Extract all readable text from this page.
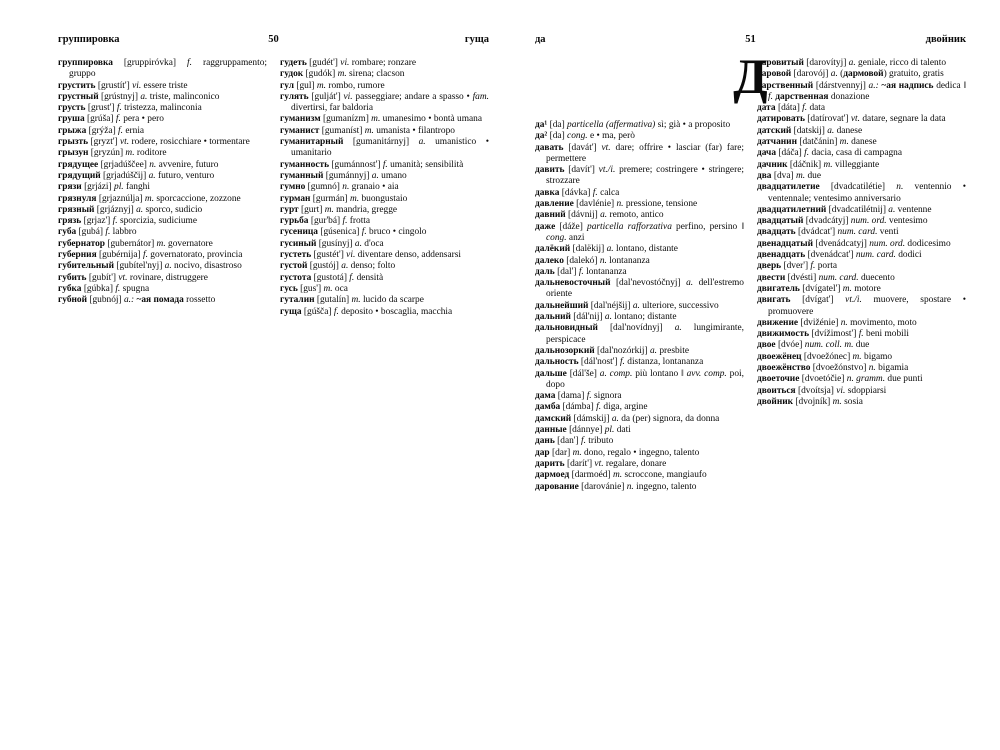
группировка	50	гуща
группировка [gruppiróvka] f. raggruppamento; gruppo
грустить [grustít'] vi. essere triste
грустный [grústnyj] a. triste, malinconico
грусть [grust'] f. tristezza, malinconia
груша [grúša] f. pera • pero
грыжа [grýža] f. ernia
грызть [gryzt'] vt. rodere, rosicchiare • tormentare
грызун [gryzún] m. roditore
грядущее [grjadúščee] n. avvenire, futuro
грядущий [grjadúščij] a. futuro, venturo
грязи [grjázi] pl. fanghi
грязнуля [grjaznúlja] m. sporcaccione, zozzone
грязный [grjáznyj] a. sporco, sudicio
грязь [grjaz'] f. sporcizia, sudiciume
губа [gubá] f. labbro
губернатор [gubernátor] m. governatore
губерния [gubérnija] f. governatorato, provincia
губительный [gubítel'nyj] a. nocivo, disastroso
губить [gubít'] vt. rovinare, distruggere
губка [gúbka] f. spugna
губной [gubnój] a.: ~ая помада rossetto
гудеть [gudét'] vi. rombare; ronzare
гудок [gudók] m. sirena; clacson
гул [gul] m. rombo, rumore
гулять [gulját'] vi. passeggiare; andare a spasso • fam. divertirsi, far baldoria
гуманизм [gumanízm] m. umanesimo • bontà umana
гуманист [gumaníst] m. umanista • filantropo
гуманитарный [gumanitárnyj] a. umanistico • umanitario
гуманность [gumánnost'] f. umanità; sensibilità
гуманный [gumánnyj] a. umano
гумно [gumnó] n. granaio • aia
гурман [gurmán] m. buongustaio
гурт [gurt] m. mandria, gregge
гурьба [gur'bá] f. frotta
гусеница [gúsenica] f. bruco • cingolo
гусиный [gusínyj] a. d'oca
густеть [gustét'] vi. diventare denso, addensarsi
густой [gustój] a. denso; folto
густота [gustotá] f. densità
гусь [gus'] m. oca
гуталин [gutalín] m. lucido da scarpe
гуща [gúšča] f. deposito • boscaglia, macchia
да	51	двойник
Д
да¹ [da] particella (affermativa) sì; già • a proposito
да² [da] cong. e • ma, però
давать [davát'] vt. dare; offrire • lasciar (far) fare; permettere
давить [davít'] vt./i. premere; costringere • stringere; strozzare
давка [dávka] f. calca
давление [davlénie] n. pressione, tensione
давний [dávnij] a. remoto, antico
даже [dáže] particella rafforzativa perfino, persino ‖ cong. anzi
далёкий [dalëkij] a. lontano, distante
далеко [dalekó] n. lontananza
даль [dal'] f. lontananza
дальневосточный [dal'nevostóčnyj] a. dell'estremo oriente
дальнейший [dal'néjšij] a. ulteriore, successivo
дальний [dál'nij] a. lontano; distante
дальновидный [dal'novídnyj] a. lungimirante, perspicace
дальнозоркий [dal'nozórkij] a. presbite
дальность [dál'nost'] f. distanza, lontananza
дальше [dál'še] a. comp. più lontano ‖ avv. comp. poi, dopo
дама [dama] f. signora
дамба [dámba] f. diga, argine
дамский [dámskij] a. da (per) signora, da donna
данные [dánnye] pl. dati
дань [dan'] f. tributo
дар [dar] m. dono, regalo • ingegno, talento
дарить [darít'] vt. regalare, donare
дармоед [darmoéd] m. scroccone, mangiaufo
дарование [darovánie] n. ingegno, talento
даровитый [darovítyj] a. geniale, ricco di talento
даровой [darovój] a. (дармовой) gratuito, gratis
дарственный [dárstvennyj] a.: ~ая надпись dedica ‖ f. дарственная donazione
дата [dáta] f. data
датировать [datírovat'] vt. datare, segnare la data
датский [datskij] a. danese
датчанин [datčánin] m. danese
дача [dáča] f. dacia, casa di campagna
дачник [dáčnik] m. villeggiante
два [dva] m. due
двадцатилетие [dvadcatilétie] n. ventennio • ventennale; ventesimo anniversario
двадцатилетний [dvadcatilétnij] a. ventenne
двадцатый [dvadcátyj] num. ord. ventesimo
двадцать [dvádcat'] num. card. venti
двенадцатый [dvenádcatyj] num. ord. dodicesimo
двенадцать [dvenádcat'] num. card. dodici
дверь [dver'] f. porta
двести [dvésti] num. card. duecento
двигатель [dvígatel'] m. motore
двигать [dvígat'] vt./i. muovere, spostare • promuovere
движение [dvižénie] n. movimento, moto
движимость [dvížimost'] f. beni mobili
двое [dvóe] num. coll. m. due
двоежёнец [dvoežónec] m. bigamo
двоежёнство [dvoežónstvo] n. bigamia
двоеточие [dvoetóčie] n. gramm. due punti
двоиться [dvoítsja] vi. sdoppiarsi
двойник [dvojník] m. sosia
